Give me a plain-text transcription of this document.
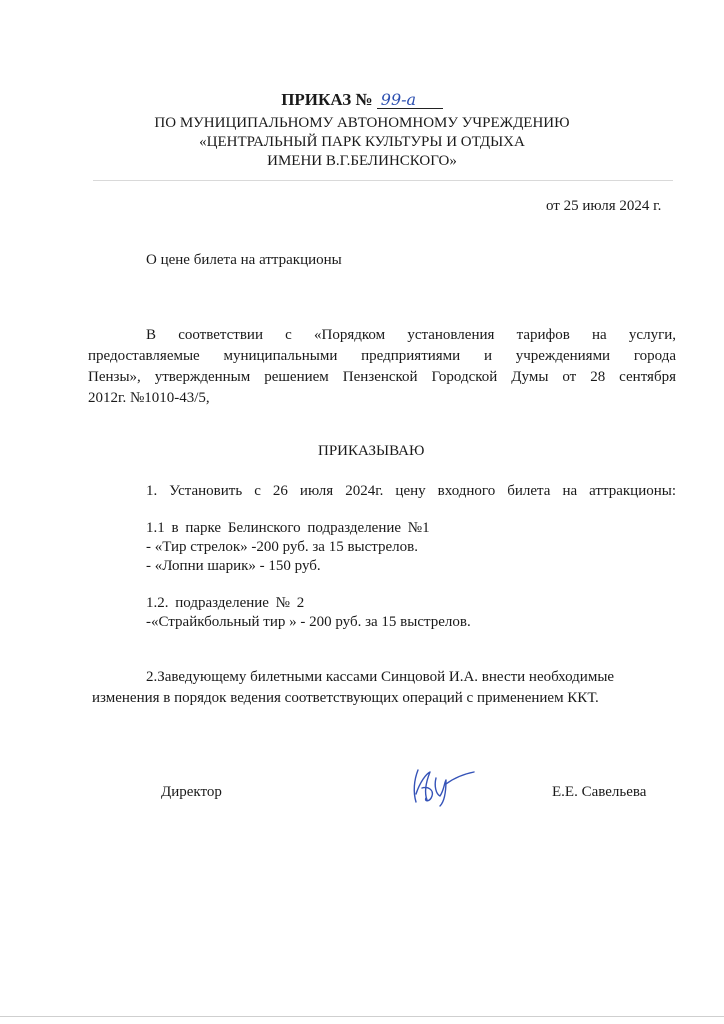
ПРИКАЗ № 99-а
ПО МУНИЦИПАЛЬНОМУ АВТОНОМНОМУ УЧРЕЖДЕНИЮ
«ЦЕНТРАЛЬНЫЙ ПАРК КУЛЬТУРЫ И ОТДЫХА
ИМЕНИ В.Г.БЕЛИНСКОГО»
от 25 июля 2024 г.
О цене билета на аттракционы
В соответствии с «Порядком установления тарифов на услуги,
предоставляемые муниципальными предприятиями и учреждениями города
Пензы», утвержденным решением Пензенской Городской Думы от 28 сентября
2012г. №1010-43/5,
ПРИКАЗЫВАЮ
1. Установить с 26 июля 2024г. цену входного билета на аттракционы:
1.1 в парке Белинского подразделение №1
- «Тир стрелок» -200 руб. за 15 выстрелов.
- «Лопни шарик» - 150 руб.
1.2. подразделение № 2
-«Страйкбольный тир » - 200 руб. за 15 выстрелов.
2.Заведующему билетными кассами Синцовой И.А. внести необходимые
изменения в порядок ведения соответствующих операций с применением ККТ.
Директор	Е.Е. Савельева
